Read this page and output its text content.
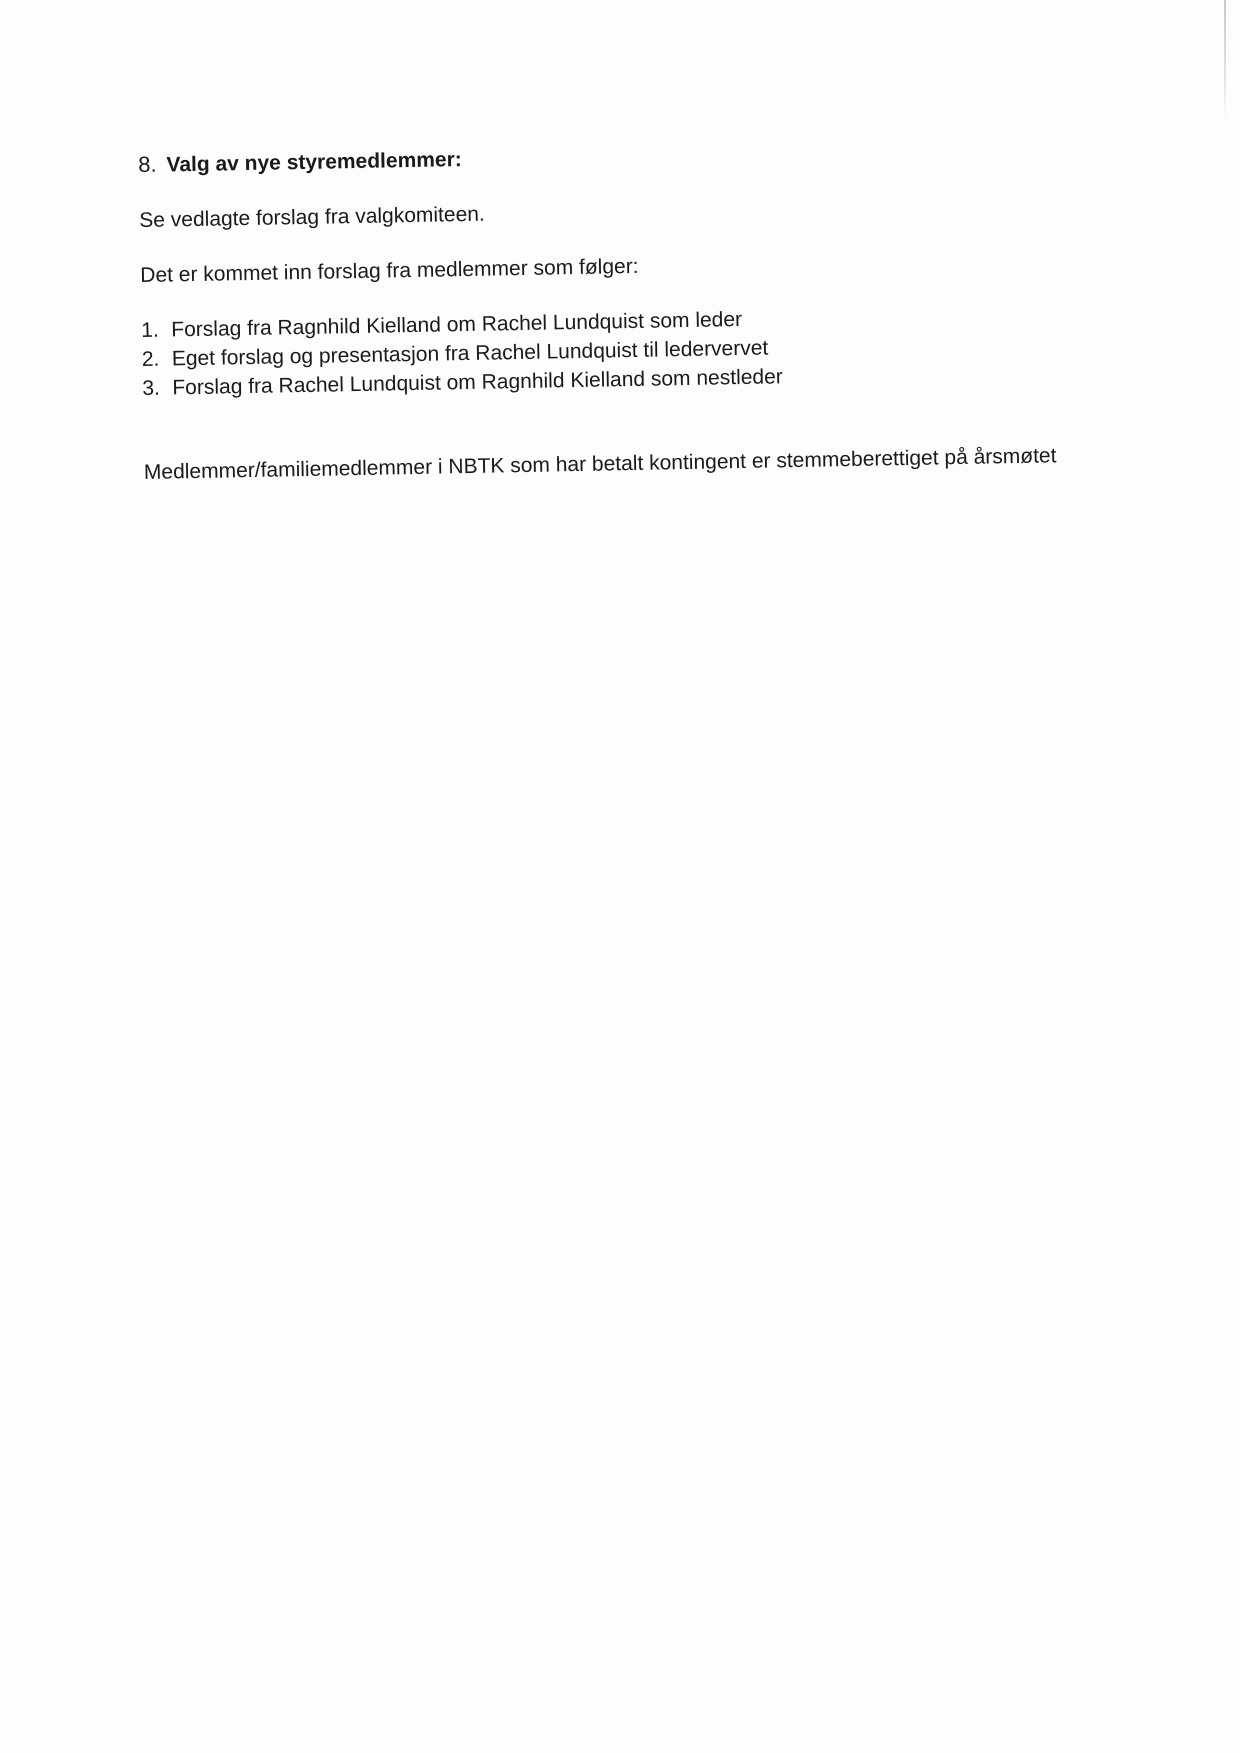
8. Valg av nye styremedlemmer:

Se vedlagte forslag fra valgkomiteen.

Det er kommet inn forslag fra medlemmer som følger:

1. Forslag fra Ragnhild Kielland om Rachel Lundquist som leder
2. Eget forslag og presentasjon fra Rachel Lundquist til ledervervet
3. Forslag fra Rachel Lundquist om Ragnhild Kielland som nestleder

Medlemmer/familiemedlemmer i NBTK som har betalt kontingent er stemmeberettiget på årsmøtet
